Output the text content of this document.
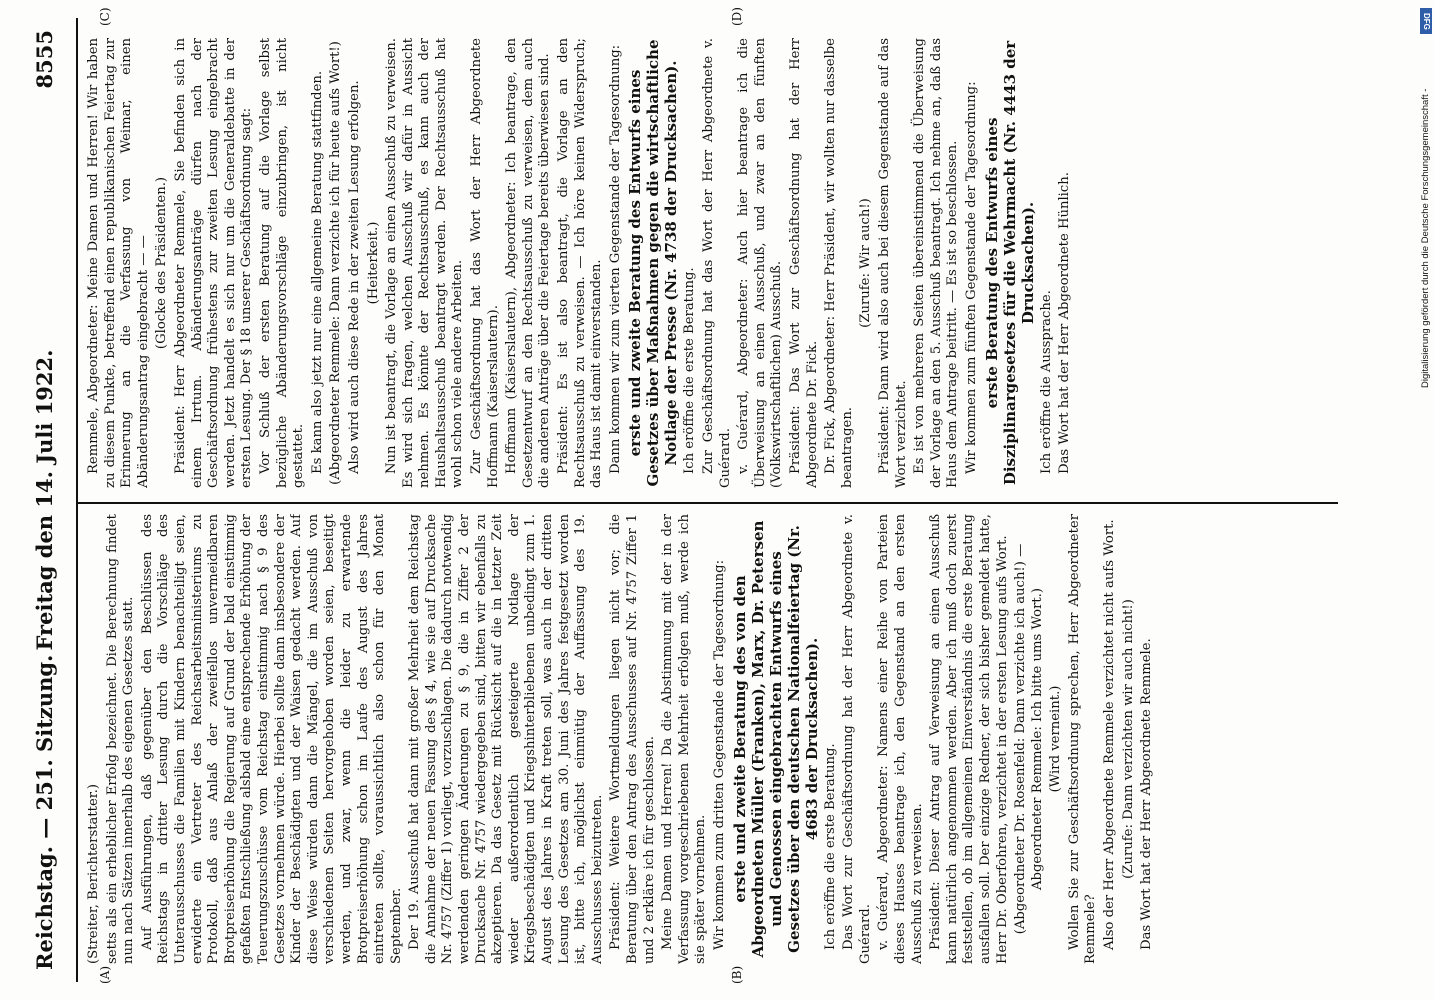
Reichstag. — 251. Sitzung.
Freitag den 14. Juli 1922.
8555
(A)	(B)
(C)	(D)

(Streiter, Berichterstatter.) setts als ein erheblicher Erfolg bezeichnet. Die Berechnung findet nun nach Sätzen innerhalb des eigenen Gesetzes statt. Auf Ausführungen, daß gegenüber den Beschlüssen des Reichstags in dritter Lesung durch die Vorschläge des Unterausschusses die Familien mit Kindern benachteiligt seien, erwiderte ein Vertreter des Reichsarbeitsministeriums zu Protokoll, daß aus Anlaß der zweifellos unvermeidbaren Brotpreiserhöhung die Regierung auf Grund der bald einstimmig gefaßten Entschließung alsbald eine entsprechende Erhöhung der Teuerungszuschüsse vom Reichstag einstimmig nach § 9 des Gesetzes vornehmen würde. Hierbei sollte dann insbesondere der Kinder der Beschädigten und der Waisen gedacht werden. Auf diese Weise würden dann die Mängel, die im Ausschuß von verschiedenen Seiten hervorgehoben worden seien, beseitigt werden, und zwar, wenn die leider zu erwartende Brotpreiserhöhung schon im Laufe des August des Jahres eintreten sollte, voraussichtlich also schon für den Monat September. Der 19. Ausschuß hat dann mit großer Mehrheit dem Reichstag die Annahme der neuen Fassung des § 4, wie sie auf Drucksache Nr. 4757 (Ziffer 1) vorliegt, vorzuschlagen. Die dadurch notwendig werdenden geringen Änderungen zu § 9, die in Ziffer 2 der Drucksache Nr. 4757 wiedergegeben sind, bitten wir ebenfalls zu akzeptieren. Da das Gesetz mit Rücksicht auf die in letzter Zeit wieder außerordentlich gesteigerte Notlage der Kriegsbeschädigten und Kriegshinterbliebenen unbedingt zum 1. August des Jahres in Kraft treten soll, was auch in der dritten Lesung des Gesetzes am 30. Juni des Jahres festgesetzt worden ist, bitte ich, möglichst einmütig der Auffassung des 19. Ausschusses beizutreten. Präsident: Weitere Wortmeldungen liegen nicht vor; die Beratung über den Antrag des Ausschusses auf Nr. 4757 Ziffer 1 und 2 erkläre ich für geschlossen. Meine Damen und Herren! Da die Abstimmung mit der in der Verfassung vorgeschriebenen Mehrheit erfolgen muß, werde ich sie später vornehmen. Wir kommen zum dritten Gegenstande der Tagesordnung: erste und zweite Beratung des von den Abgeordneten Müller (Franken), Marx, Dr. Petersen und Genossen eingebrachten Entwurfs eines Gesetzes über den deutschen Nationalfeiertag (Nr. 4683 der Drucksachen).

Ich eröffne die erste Beratung. Das Wort zur Geschäftsordnung hat der Herr Abgeordnete v. Guérard. v. Guérard, Abgeordneter: Namens einer Reihe von Parteien dieses Hauses beantrage ich, den Gegenstand an den ersten Ausschuß zu verweisen. Präsident: Dieser Antrag auf Verweisung an einen Ausschuß kann natürlich angenommen werden. Aber ich muß doch zuerst feststellen, ob im allgemeinen Einverständnis die erste Beratung ausfallen soll. Der einzige Redner, der sich bisher gemeldet hatte, Herr Dr. Oberfohren, verzichtet in der ersten Lesung aufs Wort. (Abgeordneter Dr. Rosenfeld: Dann verzichte ich auch!) — Abgeordneter Remmele: Ich bitte ums Wort.) (Wird verneint.) Wollen Sie zur Geschäftsordnung sprechen, Herr Abgeordneter Remmele? Also der Herr Abgeordnete Remmele verzichtet nicht aufs Wort. (Zurufe: Dann verzichten wir auch nicht!) Das Wort hat der Herr Abgeordnete Remmele.

Remmele, Abgeordneter: Meine Damen und Herren! Wir haben zu diesem Punkte, betreffend einen republikanischen Feiertag zur Erinnerung an die Verfassung von Weimar, einen Abänderungsantrag eingebracht — — (Glocke des Präsidenten.) Präsident: Herr Abgeordneter Remmele, Sie befinden sich in einem Irrtum. Abänderungsanträge dürfen nach der Geschäftsordnung frühestens zur zweiten Lesung eingebracht werden. Jetzt handelt es sich nur um die Generaldebatte in der ersten Lesung. Der § 18 unserer Geschäftsordnung sagt: Vor Schluß der ersten Beratung auf die Vorlage selbst bezügliche Abänderungsvorschläge einzubringen, ist nicht gestattet. Es kann also jetzt nur eine allgemeine Beratung stattfinden. (Abgeordneter Remmele: Dann verzichte ich für heute aufs Wort!) Also wird auch diese Rede in der zweiten Lesung erfolgen. (Heiterkeit.) Nun ist beantragt, die Vorlage an einen Ausschuß zu verweisen. Es wird sich fragen, welchen Ausschuß wir dafür in Aussicht nehmen. Es könnte der Rechtsausschuß, es kann auch der Haushaltsausschuß beantragt werden. Der Rechtsausschuß hat wohl schon viele andere Arbeiten. Zur Geschäftsordnung hat das Wort der Herr Abgeordnete Hoffmann (Kaiserslautern). Hoffmann (Kaiserslautern), Abgeordneter: Ich beantrage, den Gesetzentwurf an den Rechtsausschuß zu verweisen, dem auch die anderen Anträge über die Feiertage bereits überwiesen sind. Präsident: Es ist also beantragt, die Vorlage an den Rechtsausschuß zu verweisen. — Ich höre keinen Widerspruch; das Haus ist damit einverstanden. Dann kommen wir zum vierten Gegenstande der Tagesordnung: erste und zweite Beratung des Entwurfs eines Gesetzes über Maßnahmen gegen die wirtschaftliche Notlage der Presse (Nr. 4738 der Drucksachen). Ich eröffne die erste Beratung. Zur Geschäftsordnung hat das Wort der Herr Abgeordnete v. Guérard. v. Guérard, Abgeordneter: Auch hier beantrage ich die Überweisung an einen Ausschuß, und zwar an den fünften (Volkswirtschaftlichen) Ausschuß. Präsident: Das Wort zur Geschäftsordnung hat der Herr Abgeordnete Dr. Fick. Dr. Fick, Abgeordneter: Herr Präsident, wir wollten nur dasselbe beantragen.

(Zurufe: Wir auch!) Präsident: Dann wird also auch bei diesem Gegenstande auf das Wort verzichtet. Es ist von mehreren Seiten übereinstimmend die Überweisung der Vorlage an den 5. Ausschuß beantragt. Ich nehme an, daß das Haus dem Antrage beitritt. — Es ist so beschlossen. Wir kommen zum fünften Gegenstande der Tagesordnung: erste Beratung des Entwurfs eines Disziplinargesetzes für die Wehrmacht (Nr. 4443 der Drucksachen).

Ich eröffne die Aussprache. Das Wort hat der Herr Abgeordnete Hünlich.

DFG
Digitalisierung gefördert durch die Deutsche Forschungsgemeinschaft -
